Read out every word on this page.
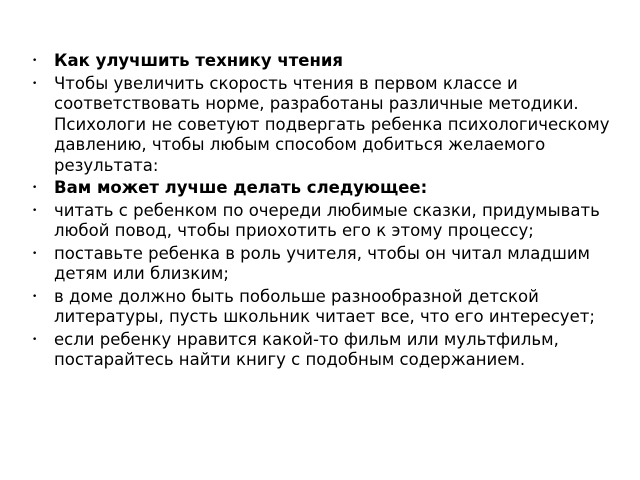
• Как улучшить технику чтения
• Чтобы увеличить скорость чтения в первом классе и соответствовать норме, разработаны различные методики. Психологи не советуют подвергать ребенка психологическому давлению, чтобы любым способом добиться желаемого результата:
• Вам может лучше делать следующее:
• читать с ребенком по очереди любимые сказки, придумывать любой повод, чтобы приохотить его к этому процессу;
• поставьте ребенка в роль учителя, чтобы он читал младшим детям или близким;
• в доме должно быть побольше разнообразной детской литературы, пусть школьник читает все, что его интересует;
• если ребенку нравится какой-то фильм или мультфильм, постарайтесь найти книгу с подобным содержанием.
